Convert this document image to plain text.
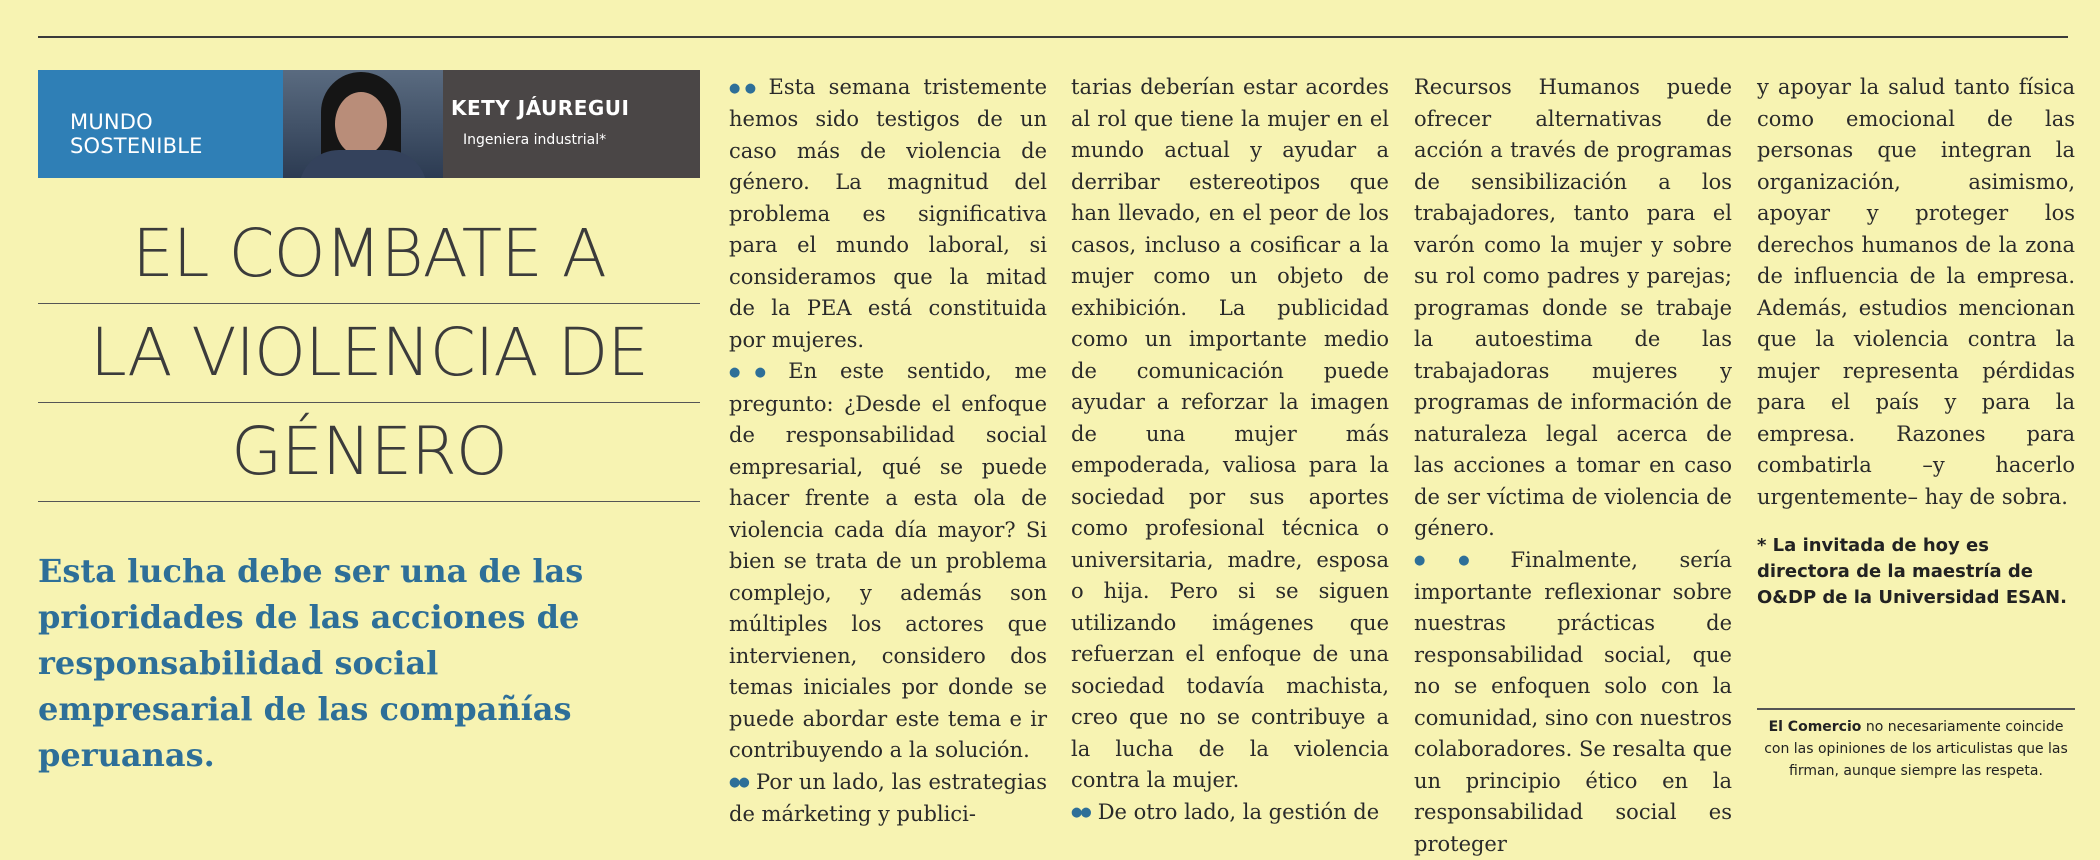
MUNDO SOSTENIBLE
KETY JÁUREGUI
Ingeniera industrial*
EL COMBATE A
LA VIOLENCIA DE
GÉNERO
Esta lucha debe ser una de las prioridades de las acciones de responsabilidad social empresarial de las compañías peruanas.

●● Esta semana tristemente hemos sido testigos de un caso más de violencia de género. La magnitud del problema es significativa para el mundo laboral, si consideramos que la mitad de la PEA está constituida por mujeres.

●● En este sentido, me pregunto: ¿Desde el enfoque de responsabilidad social empresarial, qué se puede hacer frente a esta ola de violencia cada día mayor? Si bien se trata de un problema complejo, y además son múltiples los actores que intervienen, considero dos temas iniciales por donde se puede abordar este tema e ir contribuyendo a la solución.

●● Por un lado, las estrategias de márketing y publici-

tarias deberían estar acordes al rol que tiene la mujer en el mundo actual y ayudar a derribar estereotipos que han llevado, en el peor de los casos, incluso a cosificar a la mujer como un objeto de exhibición. La publicidad como un importante medio de comunicación puede ayudar a reforzar la imagen de una mujer más empoderada, valiosa para la sociedad por sus aportes como profesional técnica o universitaria, madre, esposa o hija. Pero si se siguen utilizando imágenes que refuerzan el enfoque de una sociedad todavía machista, creo que no se contribuye a la lucha de la violencia contra la mujer.

●● De otro lado, la gestión de

Recursos Humanos puede ofrecer alternativas de acción a través de programas de sensibilización a los trabajadores, tanto para el varón como la mujer y sobre su rol como padres y parejas; programas donde se trabaje la autoestima de las trabajadoras mujeres y programas de información de naturaleza legal acerca de las acciones a tomar en caso de ser víctima de violencia de género.

●● Finalmente, sería importante reflexionar sobre nuestras prácticas de responsabilidad social, que no se enfoquen solo con la comunidad, sino con nuestros colaboradores. Se resalta que un principio ético en la responsabilidad social es proteger

y apoyar la salud tanto física como emocional de las personas que integran la organización, asimismo, apoyar y proteger los derechos humanos de la zona de influencia de la empresa. Además, estudios mencionan que la violencia contra la mujer representa pérdidas para el país y para la empresa. Razones para combatirla –y hacerlo urgentemente– hay de sobra.

* La invitada de hoy es directora de la maestría de O&DP de la Universidad ESAN.
El Comercio no necesariamente coincide con las opiniones de los articulistas que las firman, aunque siempre las respeta.
